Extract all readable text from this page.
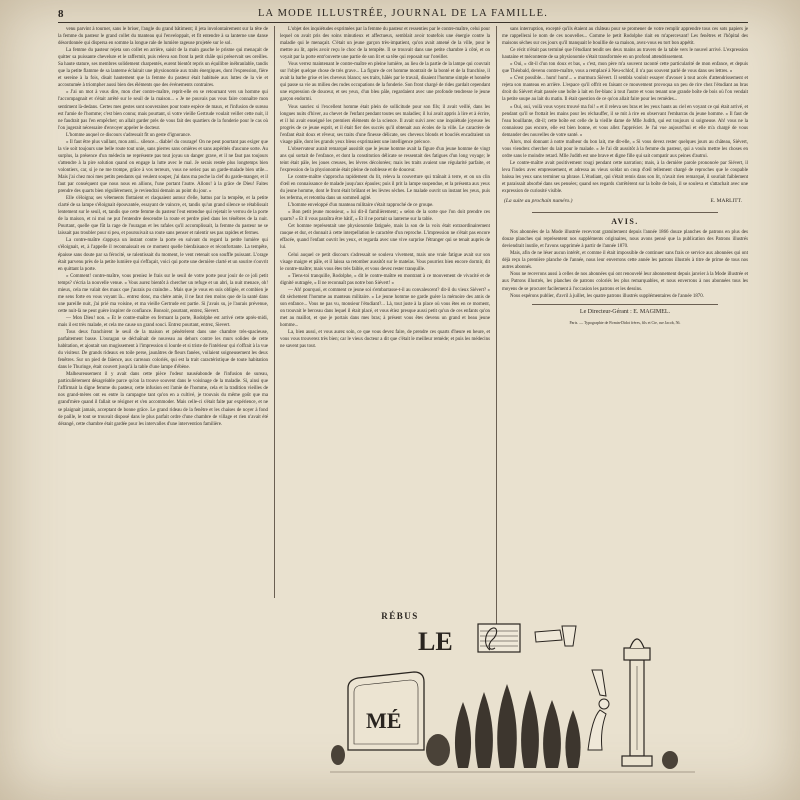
8	LA MODE ILLUSTRÉE, JOURNAL DE LA FAMILLE.

venu parvint à tourner, sans le briser, l'angle du grand bâtiment; il jeta involontairement sur la tête de la femme du pasteur le grand collet du manteau qui l'enveloppait, et fit entendre à sa lanterne une danse désordonnée qui dispersa en somme la longue rale de lumière rageuse projetée sur le sol.

La femme du pasteur rejeta son collet en arrière, saisit de la main gauche le prisme qui menaçait de quitter sa puissante chevelure et le raffermit, puis releva son front la petit châle qui préservait ses oreilles. Sa haute stature, ses membres solidement charpentés, eurent bientôt repris un équilibre inébranlable, tandis que la petite flamme de sa lanterne éclairait une physionomie aux traits énergiques, dont l'expression, fière et sereine à la fois, disait hautement que la femme du pasteur était habituée aux luttes de la vie et accoutumée à triompher aussi bien des éléments que des événements contraires.

« J'ai un mot à vous dire, mon cher contre-maître, reprit-elle en se retournant vers un homme qui l'accompagnait et s'était arrêté sur le seuil de la maison... » Je ne pouvais pas vous faire connaître mon sentiment là-dedans. Certes mes gestes sont souveraines pour toute espèce de maux, et l'infusion de sureau est l'amie de l'homme; c'est bien connu; mais pourtant, si votre vieille Gertrude voulait veiller cette nuit, il ne faudrait pas l'en empêcher; on allait garder près de vous fait des quartiers de la fonderie pour le cas où l'on jugerait nécessaire d'envoyer appeler le docteur.

L'homme auquel ce discours s'adressait fit un geste d'ignorance.

« Il faut être plus vaillant, mon ami... silence... diable! du courage! On ne peut pourtant pas exiger que la vie soit toujours une belle route tout unie, sans pierres sans ornières et sans aspérités d'aucune sorte. Au surplus, la présence d'un médecin ne représente pas tout joyau un danger grave, et il ne faut pas toujours s'attendre à la pire solution quand on engage la lutte avec le mal. Je serais restée plus longtemps bien volontiers, car, si je ne me trompe, grâce à vos terreurs, vous ne seriez pas un garde-malade bien utile... Mais j'ai chez moi mes petits pendants qui veulent souper, j'ai dans ma poche la clef du garde-manger, et il faut par conséquent que nous nous en allions, l'une portant l'autre. Allons! à la grâce de Dieu! Faites prendre des quarts bien régulièrement, je reviendrai demain au point du jour. »

Elle s'éloigna; ses vêtements flottaient et claquaient autour d'elle, battus par la tempête, et la petite clarté de sa lampe s'éloignait épouvantée, essayant de vaincre, et, tandis qu'un grand silence se rétablissait lentement sur le seuil, et, tandis que cette femme du pasteur l'eut entendue qui rejetait le verrou de la porte de la maison, et ni moi ne put l'entendre descendre la route et perdre pied dans les ténèbres de la nuit. Pourtant, quelle que fût la rage de l'ouragan et les rafales qu'il accomplissait, la femme du pasteur ne se laissait pas troubler pour si peu, et poursuivait sa route sans penser et ralentir ses pas rapides et fermes.

La contre-maître s'appuya un instant contre la porte en suivant du regard la petite lumière qui s'éloignait, et, à l'appelle il reconnaissait en ce moment quelle bienfaisance et réconfortante. La tempête, épaisse sans doute par sa férocité, se ralentissait du moment, le vent retenait son souffle puissant. L'orage était parvenu près de la petite lumière qui s'effaçait, voici qui porte une dernière clarté et un sourire s'ouvrit en quittant la porte.

« Comment! contre-maître, vous preniez le frais sur le seuil de votre porte pour jouir de ce joli petit temps? s'écria la nouvelle venue. » Vous aurez bientôt à chercher un refuge et un abri, la nuit menace, oh! mieux, cela me valait des maux que j'aurais pu craindre... Mais que je vous en suis obligée, et combien je me sens forte en vous voyant là... entrez donc, ma chère amie, il ne faut rien moins que de la santé dans une pareille nuit, j'ai prié ma voisine, et ma vieille Gertrude est partie. Si j'avais su, je l'aurais prévenue, cette nuit-là ne peut guère inspirer de confiance. Bonsoir, pourtant, entrez, Sievert.

— Mon Dieu! non. » Et le contre-maître en fermant la porte, Rodolphe est arrivé cette après-midi, mais il est très malade, et cela me cause un grand souci. Entrez pourtant, entrez, Sievert.

Tous deux franchirent le seuil de la maison et pénétrèrent dans une chambre très-spacieuse, parfaitement basse. L'ouragan se déchaînait de nouveau au dehors contre les murs solides de cette habitation, et ajoutait son mugissement à l'impression si lourde et si triste de l'intérieur qui s'offrait à la vue du visiteur. De grands rideaux en toile perse, jaunâtres de fleurs fanées, voilaient soigneusement les deux fenêtres. Sur un pied de faïence, aux carreaux coloriés, qui est la trait caractéristique de toute habitation dans le Thuringe, était couvert jusqu'à la table d'une lampe d'ébène.

Malheureusement il y avait dans cette pièce l'odeur nauséabonde de l'infusion de sureau, particulièrement désagréable parce qu'on la trouve souvent dans le voisinage de la maladie. Si, ainsi que l'affirmait la digne femme du pasteur, cette infusion est l'amie de l'homme, cela et la tradition vieilles de nos grand-mères ont eu entre la campagne tant qu'on en a cultivé, je trouvais du même goût que ma grand'mère quand il fallait se résigner et s'en accommoder. Mais celle-ci s'était faite par expérience, et ne se plaignait jamais, acceptant de bonne grâce. Le grand rideau de la fenêtre et les chaises de noyer à fond de paille, le tout se trouvait disposé dans le plus parfait ordre d'une chambre de village et rien n'avait été dérangé, cette chambre était gardée pour les intervalles d'une intervention familière.

L'objet des inquiétudes exprimées par la femme du pasteur et ressenties par le contre-maître, celui pour lequel on avait pris des soins minutieux et affectueux, semblait avoir toutefois une énergie contre la maladie qui le menaçait. C'était un jeune garçon très-impatient, qu'on avait amené de la ville, pour le mettre au lit, après avoir reçu le choc de la tempête. Il se trouvait dans une petite chambre à côté, et on voyait par la porte entr'ouverte une partie de son lit et sa tête qui reposait sur l'oreiller.

Vous verrez maintenant le contre-maître en pleine lumière, au lieu de la partie de la lampe qui couvrait sur l'objet quelque chose de très grave... La figure de cet homme montrait de la bonté et de la franchise, il avait la barbe grise et les cheveux blancs; ses traits, hâlés par le travail, disaient l'homme simple et honnête qui passe sa vie au milieu des rudes occupations de la fonderie. Son front chargé de rides gardait cependant une expression de douceur, et ses yeux, d'un bleu pâle, regardaient avec une profonde tendresse le jeune garçon endormi.

Vous sauriez si l'excellent homme était plein de sollicitude pour son fils; il avait veillé, dans les longues nuits d'hiver, au chevet de l'enfant pendant toutes ses maladies; il lui avait appris à lire et à écrire, et il lui avait enseigné les premiers éléments de la science. Il avait suivi avec une inquiétude joyeuse les progrès de ce jeune esprit, et il était fier des succès qu'il obtenait aux écoles de la ville. Le caractère de l'enfant était doux et rêveur, ses traits d'une finesse délicate, ses cheveux blonds et bouclés encadraient un visage pâle, dont les grands yeux bleus exprimaient une intelligence précoce.

L'observateur aurait remarqué aussitôt que le jeune homme avait la figure d'un jeune homme de vingt ans qui sortait de l'enfance, et dont la constitution délicate se ressentait des fatigues d'un long voyage; le teint était pâle, les joues creuses, les lèvres décolorées; mais les traits avaient une régularité parfaite, et l'expression de la physionomie était pleine de noblesse et de douceur.

Le contre-maître s'approcha rapidement du lit, releva la couverture qui traînait à terre, et on un clin d'œil en connaissance de malade jusqu'aux épaules; puis il prit la lampe suspendue, et la présenta aux yeux du jeune homme, dont le front était brûlant et les lèvres sèches. Le malade ouvrit un instant les yeux, puis les referma, et retomba dans un sommeil agité.

L'homme enveloppé d'un manteau militaire s'était rapproché de ce groupe.

« Bon petit jeune monsieur, » lui dit-il familièrement; « selon de la sorte que l'on doit prendre ces quarts? » Et il vous paraîtra être hâtif, « Et il ne portait sa lanterne sur la table.

Cet homme représentait une physionomie fatiguée, mais la son de la voix était extraordinairement rauque et dur, et donnait à cette interpellation le caractère d'un reproche. L'impression ne s'était pas encore effacée, quand l'enfant ouvrit les yeux, et regarda avec une vive surprise l'étranger qui se tenait auprès de lui.

Celui auquel ce petit discours s'adressait se souleva vivement, mais une vraie fatigue avait sur son visage maigre et pâle, et il laissa sa retomber aussitôt sur le matelas. Vous pourriez bien encore dormir, dit le contre-maître; mais vous êtes très faible, et vous devez rester tranquille.

« Tiens-toi tranquille, Rodolphe, » dit le contre-maître en montrant à ce mouvement de vivacité et de dignité outragée, « Il ne reconnaît pas notre bon Siévert! »

— Ah! pourquoi, et comment ce jeune soi s'embarrasse-t-il au convalescent? dit-il du vieux Siévert? » dit sèchement l'homme au manteau militaire. « Le jeune homme ne garde guère la mémoire des amis de son enfance... Vous ne pas vu, monsieur l'étudiant?... Là, tout juste à la place où vous êtes en ce moment, on trouvait le berceau dans lequel il était placé, et vous étiez presque aussi petit qu'un de ces enfants qu'on met au maillot, et que je portais dans mes bras; à présent vous êtes devenu un grand et beau jeune homme...

La, bien aussi, et vous aurez soin, ce que vous devez faire, de prendre ces quarts d'heure en heure, et vous vous trouverez très bien; car le vieux docteur a dit que c'était le meilleur remède; et puis les médecins ne savent pas tout.

sans interruption, excepté qu'ils étaient au château pour se promener de votre remplir apprendre tous ces sots papiers je me rappellerai le nom de ces nouvelles... Comme le petit Rodolphe riait en m'apercevant! Les fenêtres et l'hôpital des maisons sèches sur ces jours qu'il manquait le bouillie de sa maison, avez-vous eu tort bon appétit.

Ce récit n'était pas terminé que l'étudiant tendit ses deux mains au travers de la table vers le nouvel arrivé. L'expression hautaine et mécontente de sa physionomie s'était transformée en un profond attendrissement.

« Oui, » dit-il d'un ton doux et bas, « c'est, mon père m'a souvent raconté cette particularité de mon enfance, et depuis que Théobald, devenu contre-maître, vous a remplacé à Neu-schlof, il n'a pas souvent parlé de vous dans ses lettres. »

« C'est possible... hum! hum!... » murmura Siévert. Il sembla vouloir essayer d'avouer à tout accès d'attendrissement et rejeta son manteau en arrière. L'espace qu'il offrit en faisant ce mouvement provoqua un peu de rire chez l'étudiant au bras droit du Siévert était passée une boîte à lait en fer-blanc à tout l'autre et vous tenant une grande boîte de bois où l'on vendait la petite soupe au lait du matin. Il était question de ce qu'on allait faire pour les remèdes...

« Oui, oui, voilà vous voyez trouvé ma foi! » et il releva ses bras et les yeux hauts au ciel en voyant ce qui était arrivé, et pendant qu'il se frottait les mains pour les réchauffer, il se mit à rire en observant l'embarras du jeune homme. « Il faut de l'eau bouillante, dit-il; cette boîte est celle de la vieille dame de Mlle Judith, qui est toujours si soigneuse. Ah! vous ne la connaissez pas encore, elle est bien bonne, et vous allez l'apprécier. Je l'ai vue aujourd'hui et elle m'a chargé de vous demander des nouvelles de votre santé. »

Alors, moi donnant à notre malheur du bon lait, me dit-elle, « Si vous devez rester quelques jours au château, Siévert, vous viendrez chercher du lait pour le malade. » Je l'ai dit aussitôt à la femme du pasteur, qui a voulu mettre les choses en ordre sans le moindre retard. Mlle Judith est une brave et digne fille qui sait compatir aux peines d'autrui.

Le contre-maître avait positivement rougi pendant cette narration; mais, à la dernière parole prononcée par Siévert, il leva l'index avec empressement, et adressa au vieux soldat un coup d'œil tellement chargé de reproches que le coupable baissa les yeux sans terminer sa phrase. L'étudiant, qui s'était remis dans son lit, n'avait rien remarqué, il souriait faiblement et paraissait absorbé dans ses pensées; quand ses regards s'arrêtèrent sur la boîte de bois, il se souleva et s'attachait avec une expression de curiosité visible.

(La suite au prochain numéro.)	E. MARLITT.
AVIS.

Nos abonnées de la Mode illustrée recevront gratuitement depuis l'année 1866 douze planches de patrons en plus des douze planches qui représentent nos suppléments originaires, nous avons pensé que la publication des Patrons illustrés deviendrait inutile, et l'avons supprimée à partir de l'année 1870.

Mais, afin de ne léser aucun intérêt, et comme il était impossible de continuer sans frais ce service aux abonnées qui ont déjà reçu la première planche de l'année, nous leur enverrons cette année les patrons illustrés à titre de prime de tous nos autres abonnés.

Nous ne recevrons aussi à celles de nos abonnées qui ont renouvelé leur abonnement depuis janvier à la Mode illustrée et aux Patrons illustrés, les planches de patrons coloriés les plus remarquables, et nous enverrons à nos abonnées tous les moyens de se procurer facilement à l'occasion les patrons et les dessins.

Nous espérons publier, d'avril à juillet, les quatre patrons illustrés supplémentaires de l'année 1870.

Le Directeur-Gérant : E. MAGIMEL.
Paris. — Typographie de Firmin-Didot frères, fils et Cie, rue Jacob, 56.
RÉBUS
LE
MÉ
